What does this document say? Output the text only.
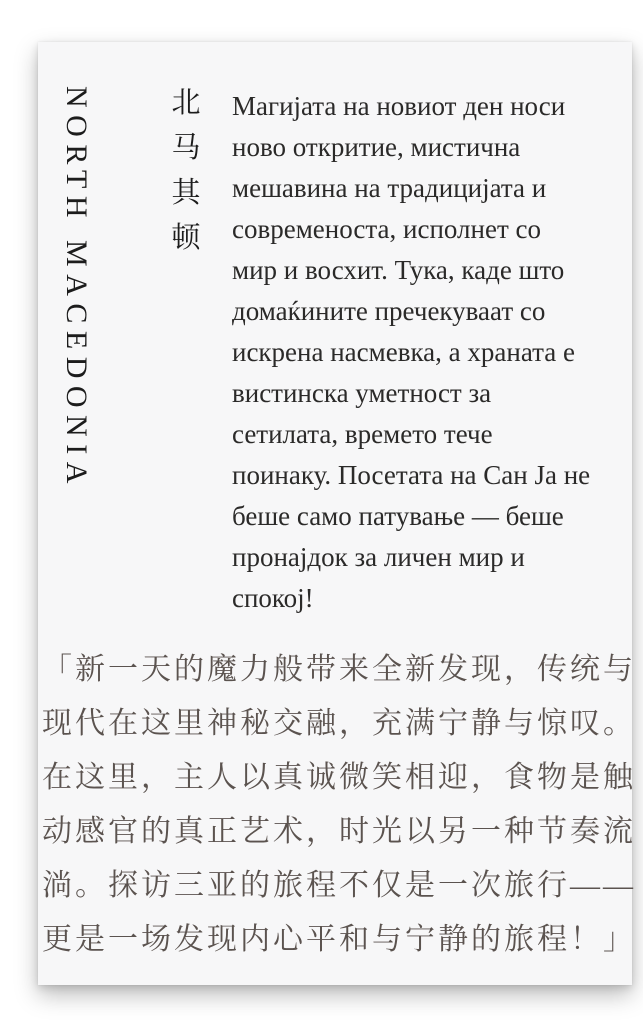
NORTH MACEDONIA	北
马
其
顿
Магијата на новиот ден носи
ново откритие, мистична
мешавина на традицијата и
современоста, исполнет со
мир и восхит. Тука, каде што
домаќините пречекуваат со
искрена насмевка, а храната е
вистинска уметност за
сетилата, времето тече
поинаку. Посетата на Сан Ја не
беше само патување — беше
пронајдок за личен мир и
спокој!
「新一天的魔力般带来全新发现，传统与
现代在这里神秘交融，充满宁静与惊叹。
在这里，主人以真诚微笑相迎，食物是触
动感官的真正艺术，时光以另一种节奏流
淌。探访三亚的旅程不仅是一次旅行——
更是一场发现内心平和与宁静的旅程！」
